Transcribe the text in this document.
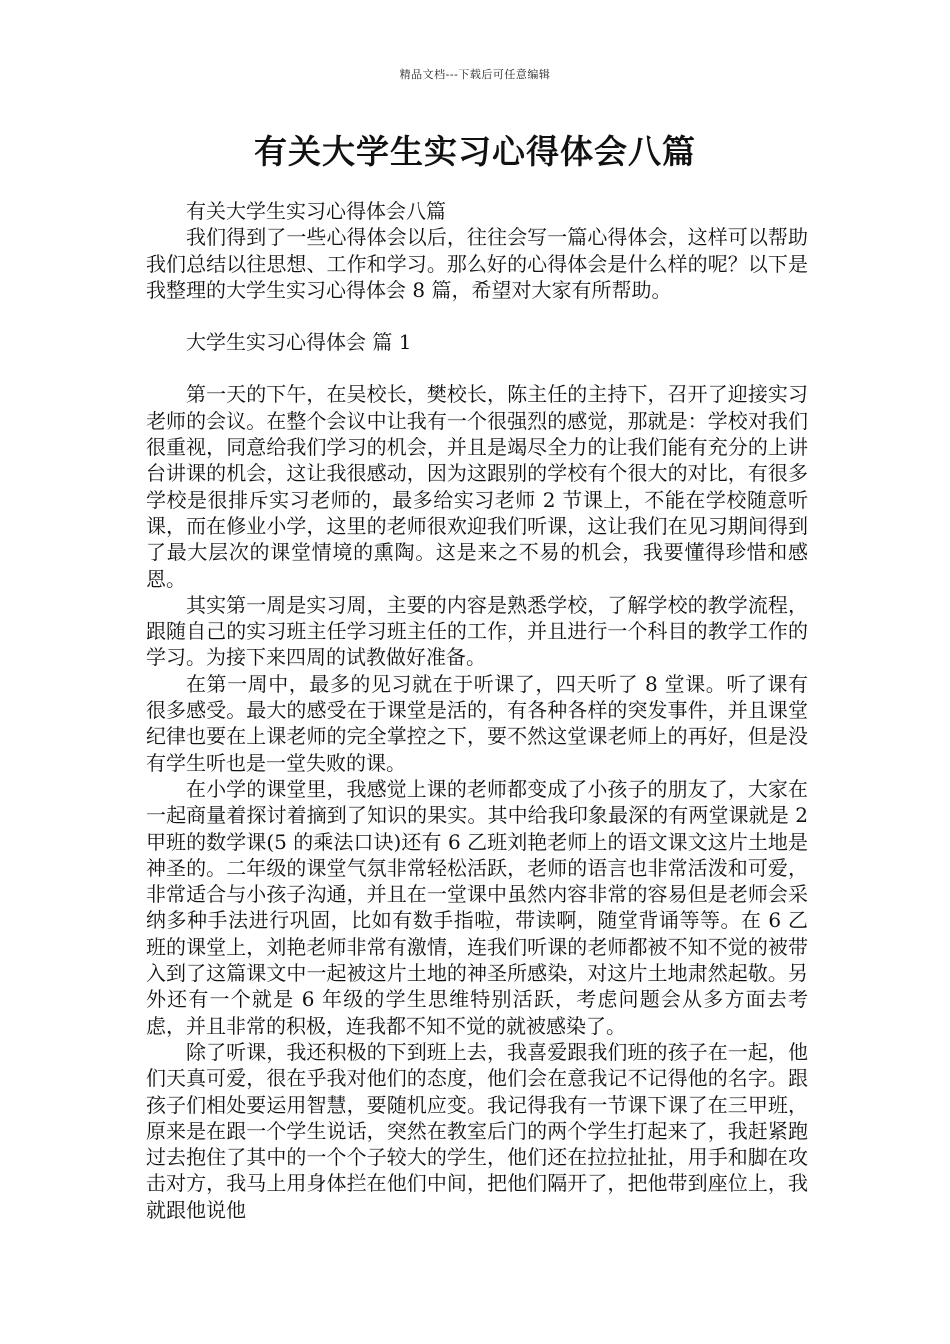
精品文档---下载后可任意编辑
有关大学生实习心得体会八篇

有关大学生实习心得体会八篇

我们得到了一些心得体会以后，往往会写一篇心得体会，这样可以帮助我们总结以往思想、工作和学习。那么好的心得体会是什么样的呢？以下是我整理的大学生实习心得体会 8 篇，希望对大家有所帮助。

大学生实习心得体会 篇 1

第一天的下午，在吴校长，樊校长，陈主任的主持下，召开了迎接实习老师的会议。在整个会议中让我有一个很强烈的感觉，那就是：学校对我们很重视，同意给我们学习的机会，并且是竭尽全力的让我们能有充分的上讲台讲课的机会，这让我很感动，因为这跟别的学校有个很大的对比，有很多学校是很排斥实习老师的，最多给实习老师 2 节课上，不能在学校随意听课，而在修业小学，这里的老师很欢迎我们听课，这让我们在见习期间得到了最大层次的课堂情境的熏陶。这是来之不易的机会，我要懂得珍惜和感恩。

其实第一周是实习周，主要的内容是熟悉学校，了解学校的教学流程，跟随自己的实习班主任学习班主任的工作，并且进行一个科目的教学工作的学习。为接下来四周的试教做好准备。

在第一周中，最多的见习就在于听课了，四天听了 8 堂课。听了课有很多感受。最大的感受在于课堂是活的，有各种各样的突发事件，并且课堂纪律也要在上课老师的完全掌控之下，要不然这堂课老师上的再好，但是没有学生听也是一堂失败的课。

在小学的课堂里，我感觉上课的老师都变成了小孩子的朋友了，大家在一起商量着探讨着摘到了知识的果实。其中给我印象最深的有两堂课就是 2 甲班的数学课(5 的乘法口诀)还有 6 乙班刘艳老师上的语文课文这片土地是神圣的。二年级的课堂气氛非常轻松活跃，老师的语言也非常活泼和可爱，非常适合与小孩子沟通，并且在一堂课中虽然内容非常的容易但是老师会采纳多种手法进行巩固，比如有数手指啦，带读啊，随堂背诵等等。在 6 乙班的课堂上，刘艳老师非常有激情，连我们听课的老师都被不知不觉的被带入到了这篇课文中一起被这片土地的神圣所感染，对这片土地肃然起敬。另外还有一个就是 6 年级的学生思维特别活跃，考虑问题会从多方面去考虑，并且非常的积极，连我都不知不觉的就被感染了。

除了听课，我还积极的下到班上去，我喜爱跟我们班的孩子在一起，他们天真可爱，很在乎我对他们的态度，他们会在意我记不记得他的名字。跟孩子们相处要运用智慧，要随机应变。我记得我有一节课下课了在三甲班，原来是在跟一个学生说话，突然在教室后门的两个学生打起来了，我赶紧跑过去抱住了其中的一个个子较大的学生，他们还在拉拉扯扯，用手和脚在攻击对方，我马上用身体拦在他们中间，把他们隔开了，把他带到座位上，我就跟他说他
